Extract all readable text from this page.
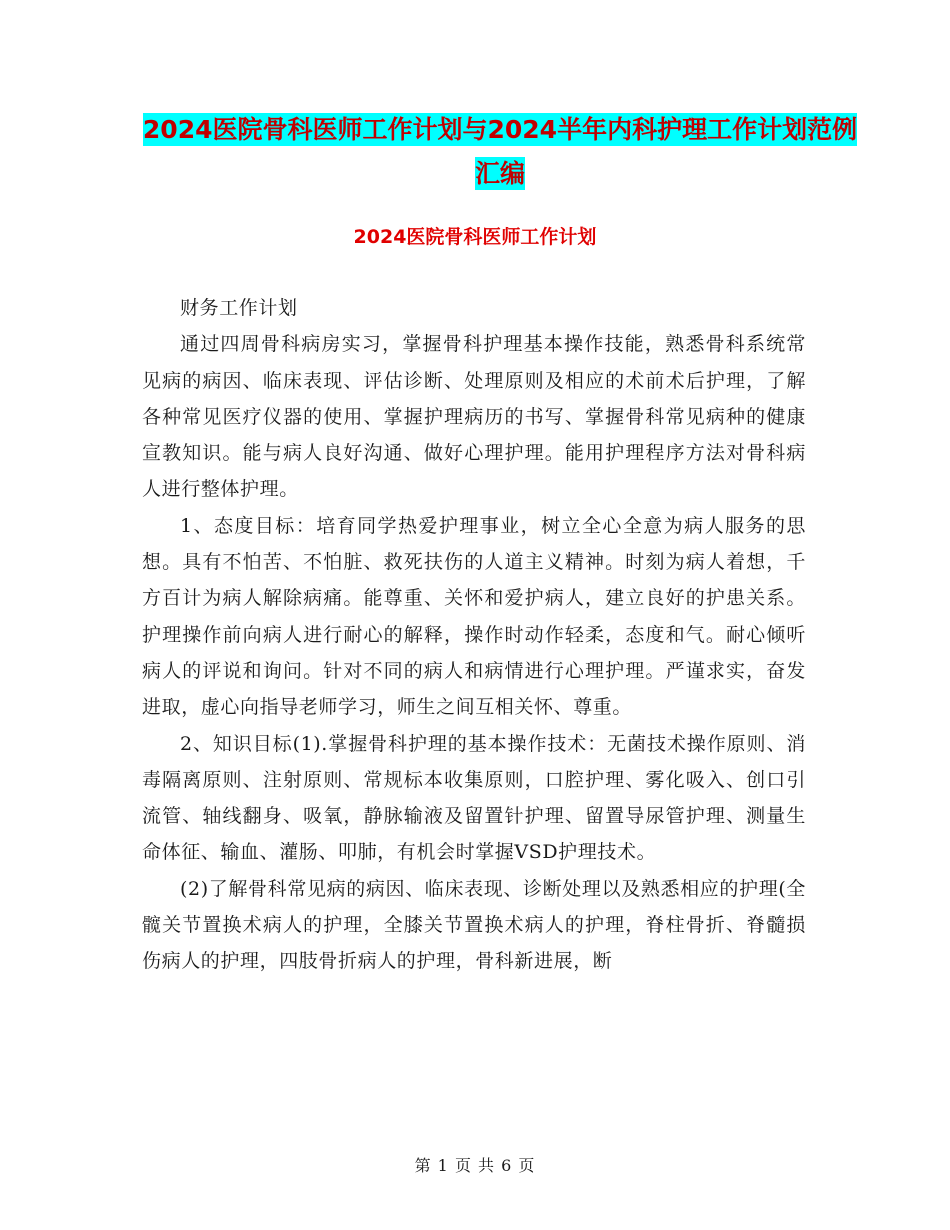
2024医院骨科医师工作计划与2024半年内科护理工作计划范例汇编
2024医院骨科医师工作计划

财务工作计划

通过四周骨科病房实习，掌握骨科护理基本操作技能，熟悉骨科系统常见病的病因、临床表现、评估诊断、处理原则及相应的术前术后护理，了解各种常见医疗仪器的使用、掌握护理病历的书写、掌握骨科常见病种的健康宣教知识。能与病人良好沟通、做好心理护理。能用护理程序方法对骨科病人进行整体护理。

1、态度目标：培育同学热爱护理事业，树立全心全意为病人服务的思想。具有不怕苦、不怕脏、救死扶伤的人道主义精神。时刻为病人着想，千方百计为病人解除病痛。能尊重、关怀和爱护病人，建立良好的护患关系。护理操作前向病人进行耐心的解释，操作时动作轻柔，态度和气。耐心倾听病人的评说和询问。针对不同的病人和病情进行心理护理。严谨求实，奋发进取，虚心向指导老师学习，师生之间互相关怀、尊重。

2、知识目标(1).掌握骨科护理的基本操作技术：无菌技术操作原则、消毒隔离原则、注射原则、常规标本收集原则，口腔护理、雾化吸入、创口引流管、轴线翻身、吸氧，静脉输液及留置针护理、留置导尿管护理、测量生命体征、输血、灌肠、叩肺，有机会时掌握VSD护理技术。

(2)了解骨科常见病的病因、临床表现、诊断处理以及熟悉相应的护理(全髋关节置换术病人的护理，全膝关节置换术病人的护理，脊柱骨折、脊髓损伤病人的护理，四肢骨折病人的护理，骨科新进展，断

第 1 页 共 6 页
